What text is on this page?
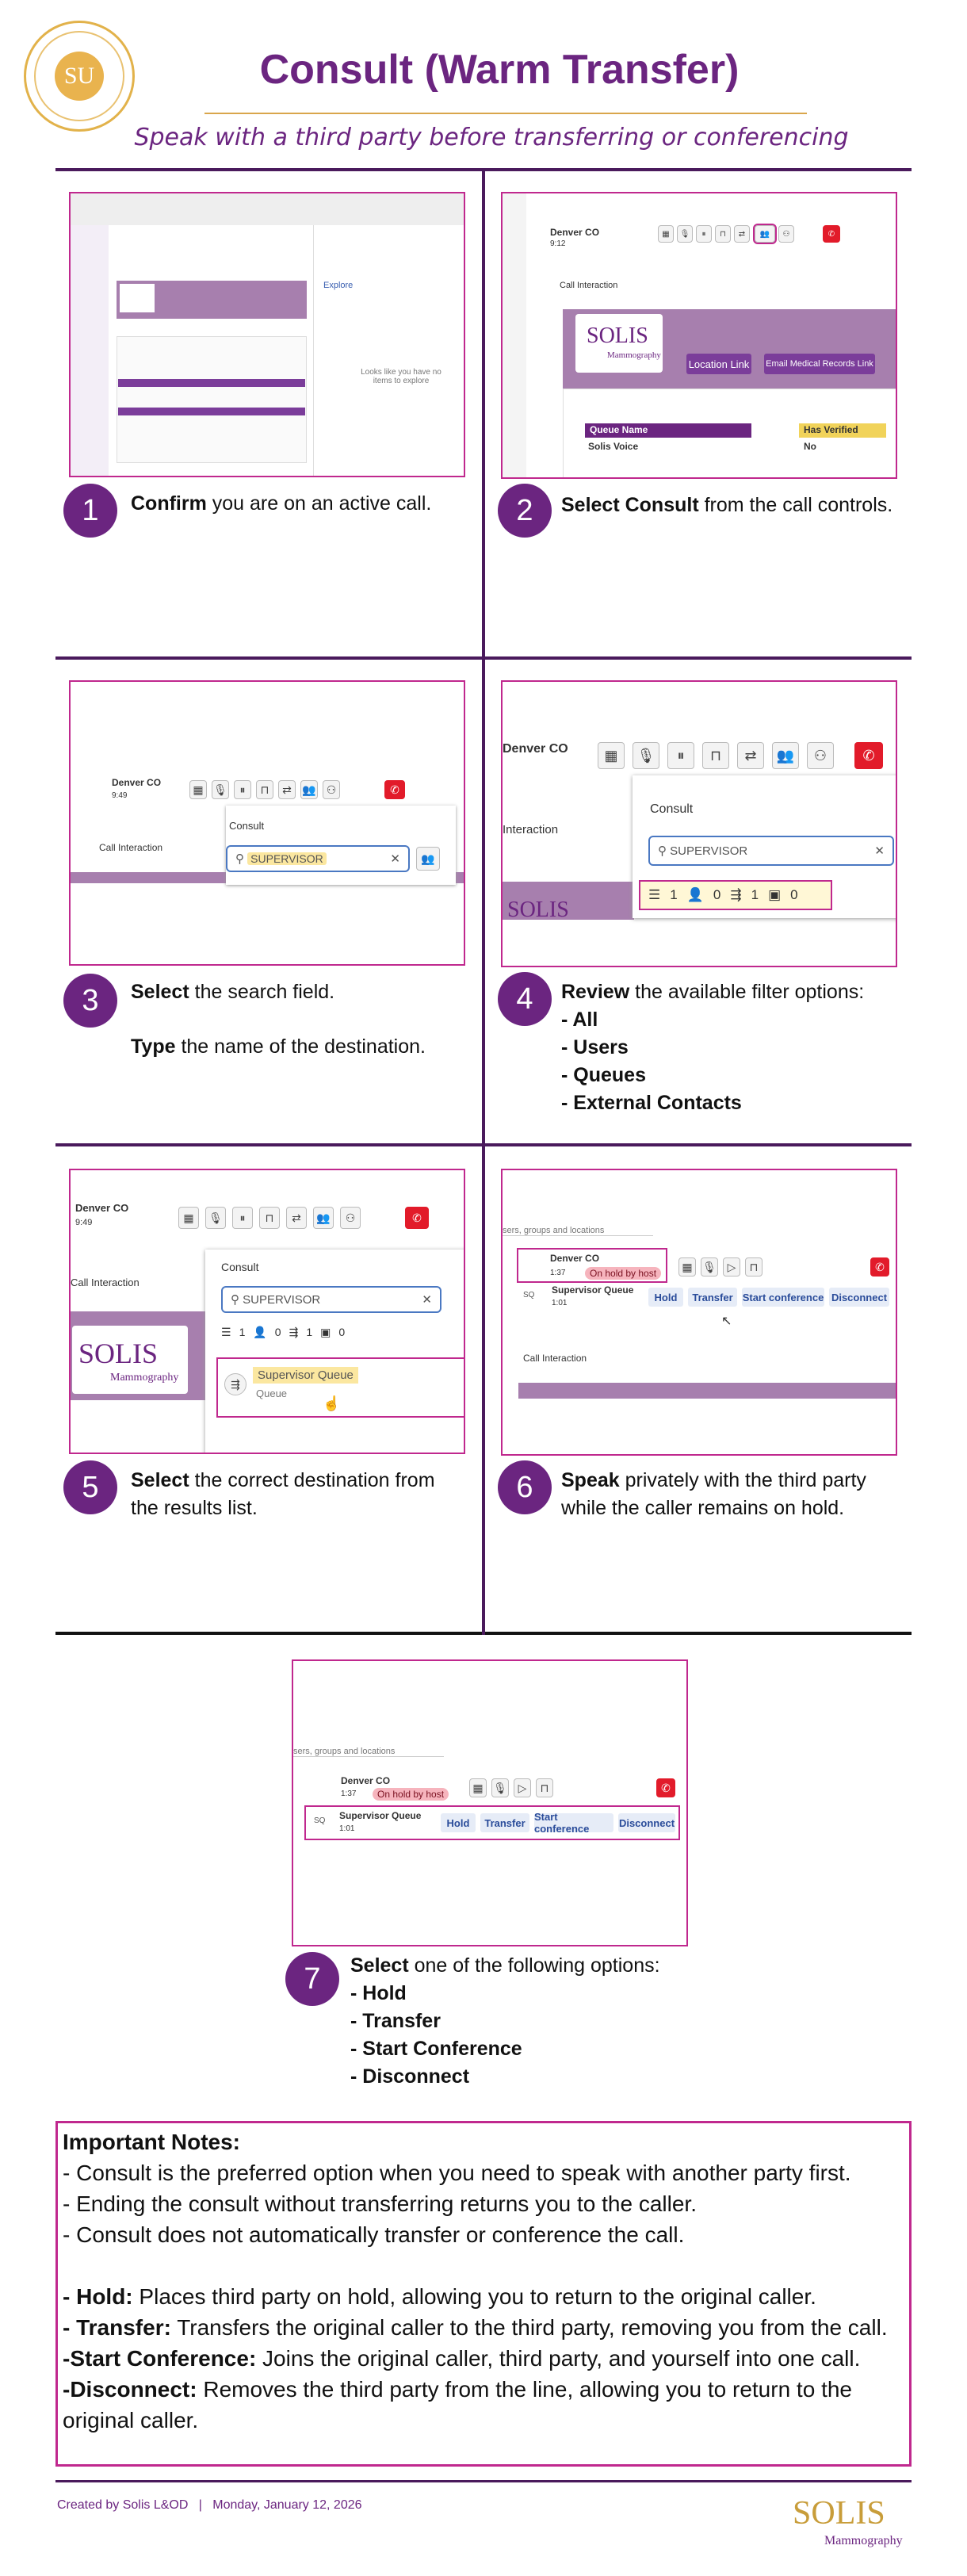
SU	Consult (Warm Transfer)
Speak with a third party before transferring or conferencing
Explore
Looks like you have no items to explore
1	Confirm you are on an active call.
Denver CO
9:12
▦	🎙	⏸	⊓	⇄	👥	⚇	✆
Call Interaction
SOLIS
Mammography
Location Link Email Medical Records Link
Queue Name	Has Verified
Solis Voice	No
2	Select Consult from the call controls.
Denver CO
9:49	▦ 🎙	⏸	⊓	⇄ 👥 ⚇	✆
Call Interaction
Consult
⚲ SUPERVISOR	✕	👥
3	Select the search field.
Type the name of the destination.
Denver CO	▦	🎙	⏸	⊓	⇄	👥	⚇	✆
Interaction
SOLIS
Consult
⚲ SUPERVISOR	✕
☰ 1 👤 0 ⇶ 1 ▣ 0
4	Review the available filter options:
- All
- Users
- Queues
- External Contacts
Denver CO
9:49	▦	🎙	⏸	⊓	⇄	👥	⚇	✆
Call Interaction
SOLIS
Mammography
Consult
⚲ SUPERVISOR	✕
☰ 1 👤 0 ⇶ 1 ▣ 0
⇶
Supervisor Queue
Queue
☝
5	Select the correct destination from the results list.
sers, groups and locations
Denver CO
1:37	On hold by host
▦ 🎙 ▷	⊓	✆
SQ Supervisor Queue
1:01	Hold	Transfer Start conference Disconnect
↖
Call Interaction
6	Speak privately with the third party while the caller remains on hold.
sers, groups and locations
Denver CO
1:37	On hold by host
▦ 🎙 ▷	⊓	✆
SQ Supervisor Queue
1:01	Hold	Transfer Start conference	Disconnect
7	Select one of the following options:
- Hold
- Transfer
- Start Conference
- Disconnect
Important Notes:
- Consult is the preferred option when you need to speak with another party first.
- Ending the consult without transferring returns you to the caller.
- Consult does not automatically transfer or conference the call.
- Hold: Places third party on hold, allowing you to return to the original caller.
- Transfer: Transfers the original caller to the third party, removing you from the call.
-Start Conference: Joins the original caller, third party, and yourself into one call.
-Disconnect: Removes the third party from the line, allowing you to return to the original caller.
Created by Solis L&OD | Monday, January 12, 2026	SOLIS
Mammography
